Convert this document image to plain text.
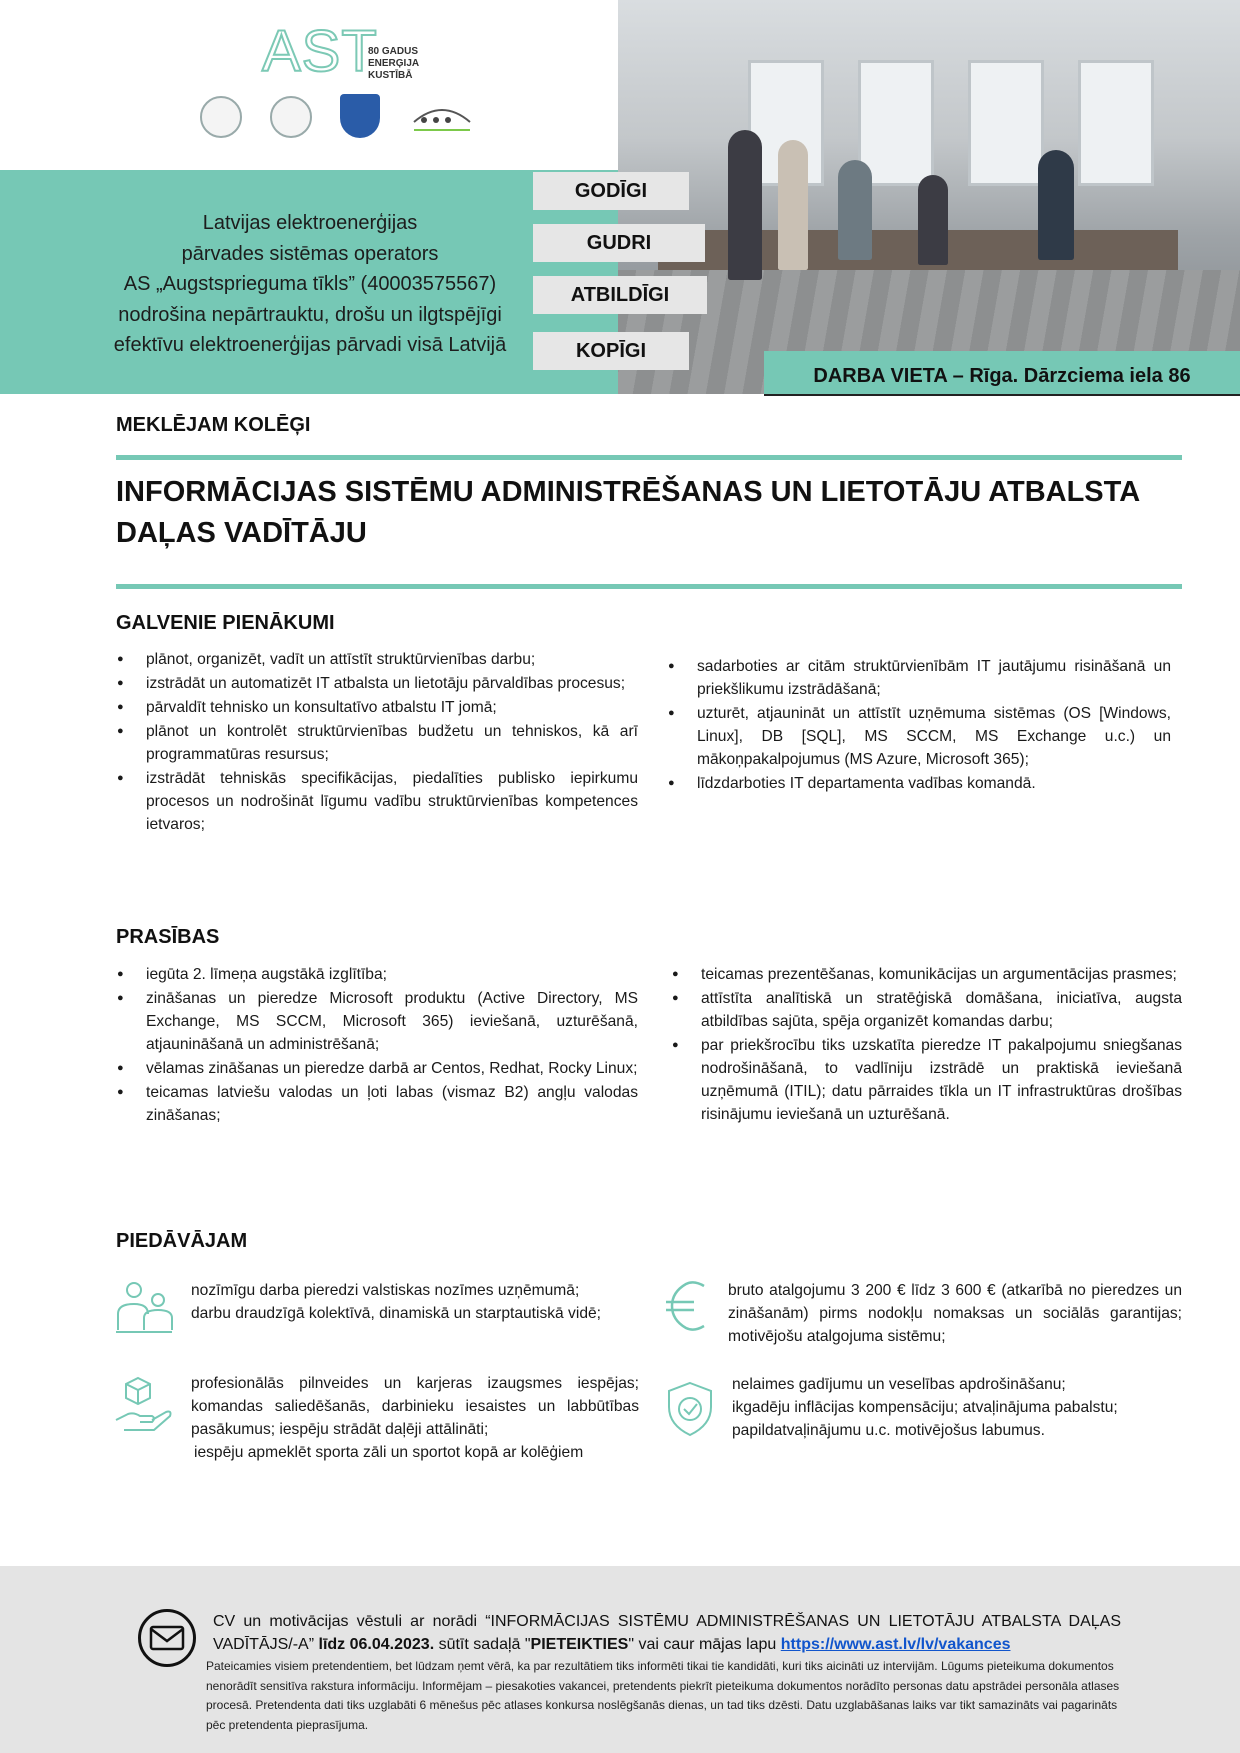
AST
80 GADUS
ENERĢIJA
KUSTĪBĀ
Latvijas elektroenerģijas
pārvades sistēmas operators
AS „Augstsprieguma tīkls” (40003575567)
nodrošina nepārtrauktu, drošu un ilgtspējīgi
efektīvu elektroenerģijas pārvadi visā Latvijā
GODĪGI
GUDRI
ATBILDĪGI
KOPĪGI
DARBA VIETA – Rīga. Dārzciema iela 86
MEKLĒJAM KOLĒĢI
INFORMĀCIJAS SISTĒMU ADMINISTRĒŠANAS UN LIETOTĀJU ATBALSTA DAĻAS VADĪTĀJU
GALVENIE PIENĀKUMI
● plānot, organizēt, vadīt un attīstīt struktūrvienības darbu;
● izstrādāt un automatizēt IT atbalsta un lietotāju pārvaldības procesus;
● pārvaldīt tehnisko un konsultatīvo atbalstu IT jomā;
● plānot un kontrolēt struktūrvienības budžetu un tehniskos, kā arī programmatūras resursus;
● izstrādāt tehniskās specifikācijas, piedalīties publisko iepirkumu procesos un nodrošināt līgumu vadību struktūrvienības kompetences ietvaros;
● sadarboties ar citām struktūrvienībām IT jautājumu risināšanā un priekšlikumu izstrādāšanā;
● uzturēt, atjaunināt un attīstīt uzņēmuma sistēmas (OS [Windows, Linux], DB [SQL], MS SCCM, MS Exchange u.c.) un mākoņpakalpojumus (MS Azure, Microsoft 365);
● līdzdarboties IT departamenta vadības komandā.
PRASĪBAS
● iegūta 2. līmeņa augstākā izglītība;
● zināšanas un pieredze Microsoft produktu (Active Directory, MS Exchange, MS SCCM, Microsoft 365) ieviešanā, uzturēšanā, atjaunināšanā un administrēšanā;
● vēlamas zināšanas un pieredze darbā ar Centos, Redhat, Rocky Linux;
● teicamas latviešu valodas un ļoti labas (vismaz B2) angļu valodas zināšanas;
● teicamas prezentēšanas, komunikācijas un argumentācijas prasmes;
● attīstīta analītiskā un stratēģiskā domāšana, iniciatīva, augsta atbildības sajūta, spēja organizēt komandas darbu;
● par priekšrocību tiks uzskatīta pieredze IT pakalpojumu sniegšanas nodrošināšanā, to vadlīniju izstrādē un praktiskā ieviešanā uzņēmumā (ITIL); datu pārraides tīkla un IT infrastruktūras drošības risinājumu ieviešanā un uzturēšanā.
PIEDĀVĀJAM

nozīmīgu darba pieredzi valstiskas nozīmes uzņēmumā;

darbu draudzīgā kolektīvā, dinamiskā un starptautiskā vidē;

bruto atalgojumu 3 200 € līdz 3 600 € (atkarībā no pieredzes un zināšanām) pirms nodokļu nomaksas un sociālās garantijas; motivējošu atalgojuma sistēmu;

profesionālās pilnveides un karjeras izaugsmes iespējas; komandas saliedēšanās, darbinieku iesaistes un labbūtības pasākumus; iespēju strādāt daļēji attālināti;

iespēju apmeklēt sporta zāli un sportot kopā ar kolēģiem

nelaimes gadījumu un veselības apdrošināšanu;

ikgadēju inflācijas kompensāciju; atvaļinājuma pabalstu;

papildatvaļinājumu u.c. motivējošus labumus.

CV un motivācijas vēstuli ar norādi “INFORMĀCIJAS SISTĒMU ADMINISTRĒŠANAS UN LIETOTĀJU ATBALSTA DAĻAS VADĪTĀJS/-A” līdz 06.04.2023. sūtīt sadaļā "PIETEIKTIES" vai caur mājas lapu https://www.ast.lv/lv/vakances
Pateicamies visiem pretendentiem, bet lūdzam ņemt vērā, ka par rezultātiem tiks informēti tikai tie kandidāti, kuri tiks aicināti uz intervijām. Lūgums pieteikuma dokumentos nenorādīt sensitīva rakstura informāciju. Informējam – piesakoties vakancei, pretendents piekrīt pieteikuma dokumentos norādīto personas datu apstrādei personāla atlases procesā. Pretendenta dati tiks uzglabāti 6 mēnešus pēc atlases konkursa noslēgšanās dienas, un tad tiks dzēsti. Datu uzglabāšanas laiks var tikt samazināts vai pagarināts pēc pretendenta pieprasījuma.
